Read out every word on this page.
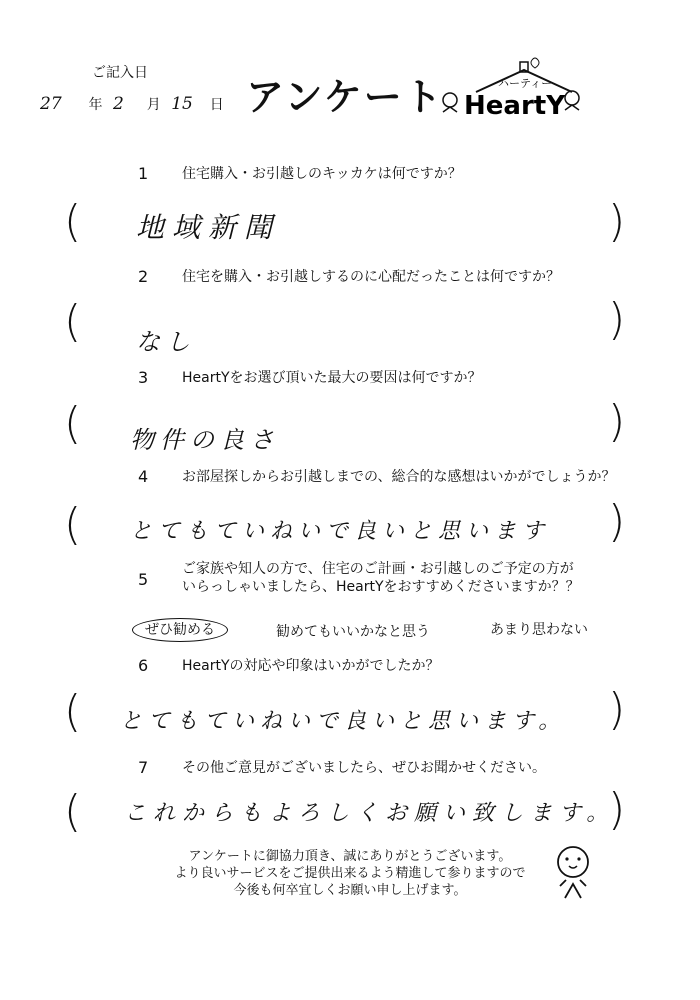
ご記入日
27 年 2 月 15 日 アンケート	ハーティー
HeartY
1 住宅購入・お引越しのキッカケは何ですか？
( 地域新聞	)
2 住宅を購入・お引越しするのに心配だったことは何ですか？
( なし	)
3 HeartYをお選び頂いた最大の要因は何ですか？
( 物件の良さ	)
4 お部屋探しからお引越しまでの、総合的な感想はいかがでしょうか？
( とてもていねいで良いと思います )
5
ご家族や知人の方で、住宅のご計画・お引越しのご予定の方が
いらっしゃいましたら、HeartYをおすすめくださいますか？？
ぜひ勧める	勧めてもいいかなと思う	あまり思わない
6 HeartYの対応や印象はいかがでしたか？
( とてもていねいで良いと思います。 )
7 その他ご意見がございましたら、ぜひお聞かせください。
( これからもよろしくお願い致します。
)
アンケートに御協力頂き、誠にありがとうございます。
より良いサービスをご提供出来るよう精進して参りますので
今後も何卒宜しくお願い申し上げます。
